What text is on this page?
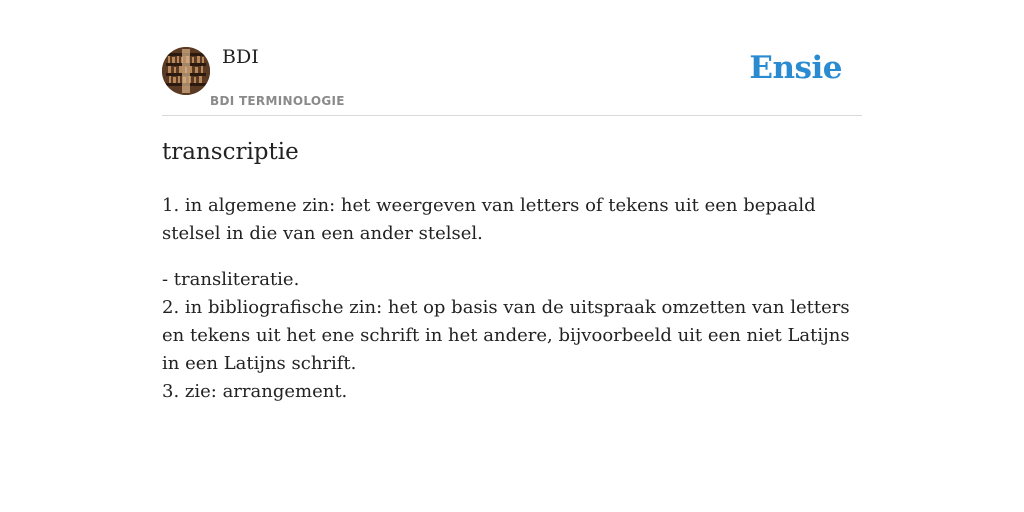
BDI
BDI TERMINOLOGIE
Ensie
transcriptie

1. in algemene zin: het weergeven van letters of tekens uit een bepaald stelsel in die van een ander stelsel.

- transliteratie.
2. in bibliografische zin: het op basis van de uitspraak omzetten van letters en tekens uit het ene schrift in het andere, bijvoorbeeld uit een niet Latijns in een Latijns schrift.
3. zie: arrangement.
